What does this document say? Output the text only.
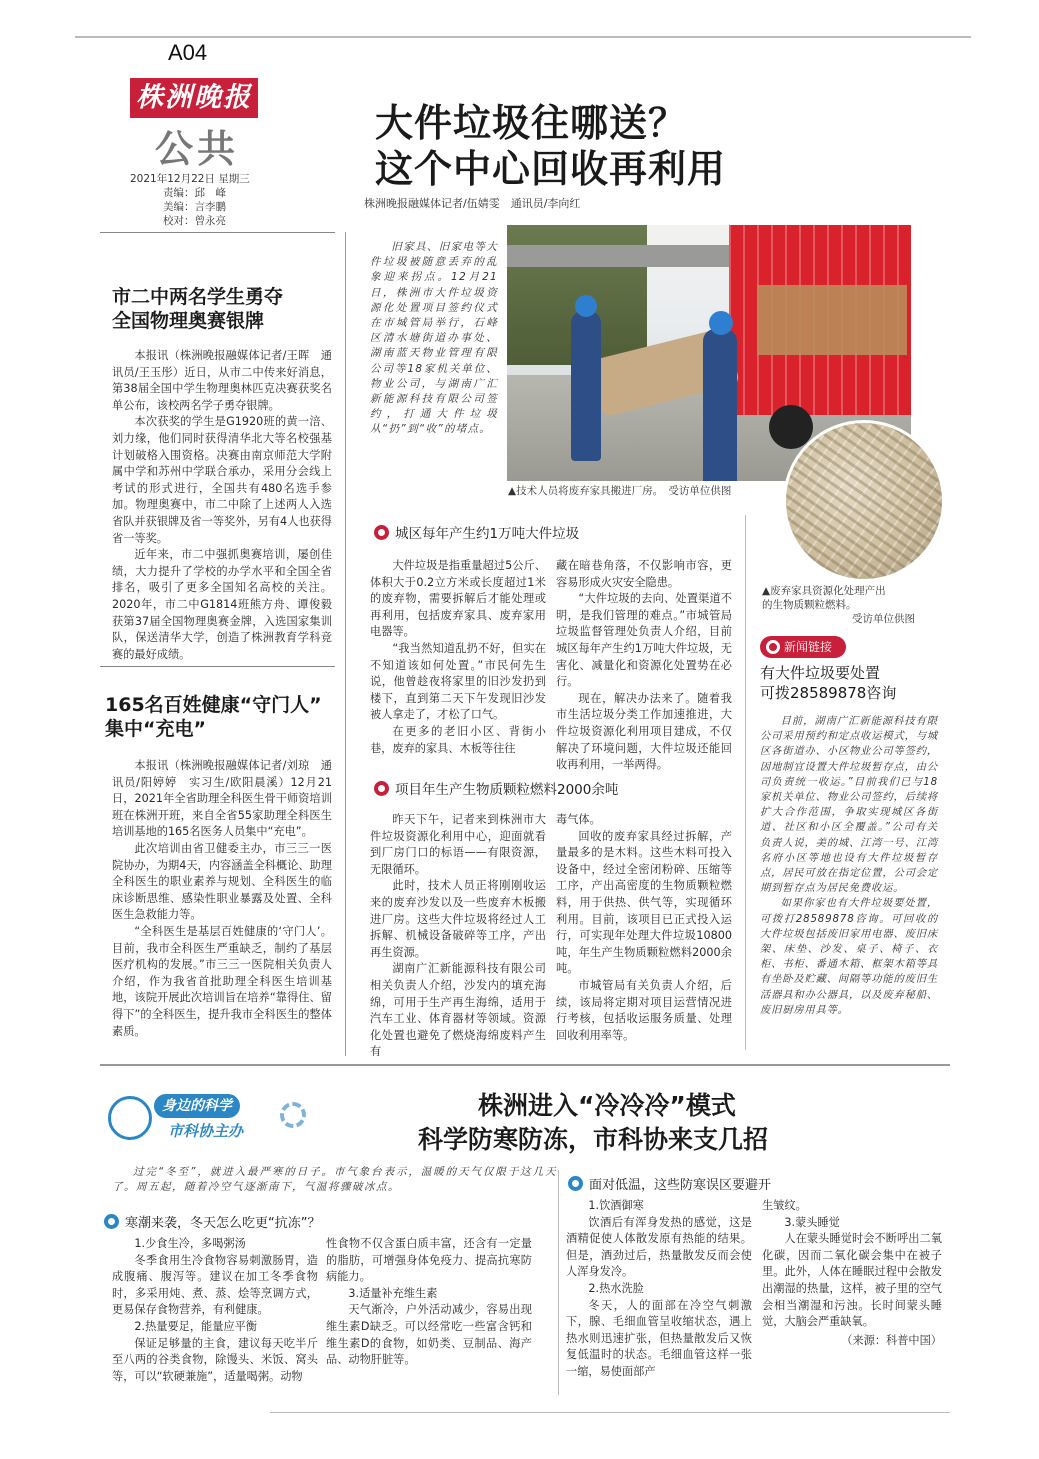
A04
株洲晚报
公共
2021年12月22日 星期三
责编：邱　峰
美编：言李鹏
校对：曾永亮
大件垃圾往哪送？
这个中心回收再利用
株洲晚报融媒体记者/伍婧雯　通讯员/李向红
市二中两名学生勇夺
全国物理奥赛银牌

本报讯（株洲晚报融媒体记者/王晖　通讯员/王玉彤）近日，从市二中传来好消息，第38届全国中学生物理奥林匹克决赛获奖名单公布，该校两名学子勇夺银牌。

本次获奖的学生是G1920班的黄一涪、刘力缘，他们同时获得清华北大等名校强基计划破格入围资格。决赛由南京师范大学附属中学和苏州中学联合承办，采用分会线上考试的形式进行，全国共有480名选手参加。物理奥赛中，市二中除了上述两人入选省队并获银牌及省一等奖外，另有4人也获得省一等奖。

近年来，市二中强抓奥赛培训，屡创佳绩，大力提升了学校的办学水平和全国全省排名，吸引了更多全国知名高校的关注。2020年，市二中G1814班熊方舟、谭俊毅获第37届全国物理奥赛金牌，入选国家集训队，保送清华大学，创造了株洲教育学科竞赛的最好成绩。

165名百姓健康“守门人”
集中“充电”

本报讯（株洲晚报融媒体记者/刘琼　通讯员/阳婷婷　实习生/欧阳晨溪）12月21日，2021年全省助理全科医生骨干师资培训班在株洲开班，来自全省55家助理全科医生培训基地的165名医务人员集中“充电”。

此次培训由省卫健委主办，市三三一医院协办，为期4天，内容涵盖全科概论、助理全科医生的职业素养与规划、全科医生的临床诊断思维、感染性职业暴露及处置、全科医生急救能力等。

“全科医生是基层百姓健康的‘守门人’。目前，我市全科医生严重缺乏，制约了基层医疗机构的发展。”市三三一医院相关负责人介绍，作为我省首批助理全科医生培训基地，该院开展此次培训旨在培养“靠得住、留得下”的全科医生，提升我市全科医生的整体素质。

旧家具、旧家电等大件垃圾被随意丢弃的乱象迎来拐点。12月21日，株洲市大件垃圾资源化处置项目签约仪式在市城管局举行，石峰区清水塘街道办事处、湖南蓝天物业管理有限公司等18家机关单位、物业公司，与湖南广汇新能源科技有限公司签约，打通大件垃圾从“扔”到“收”的堵点。

▲技术人员将废弃家具搬进厂房。　受访单位供图
▲废弃家具资源化处理产出
的生物质颗粒燃料。
受访单位供图
城区每年产生约1万吨大件垃圾

大件垃圾是指重量超过5公斤、体积大于0.2立方米或长度超过1米的废弃物，需要拆解后才能处理或再利用，包括废弃家具、废弃家用电器等。

“我当然知道乱扔不好，但实在不知道该如何处置。”市民何先生说，他曾趁夜将家里的旧沙发扔到楼下，直到第二天下午发现旧沙发被人拿走了，才松了口气。

在更多的老旧小区、背街小巷，废弃的家具、木板等往往

藏在暗巷角落，不仅影响市容，更容易形成火灾安全隐患。

“大件垃圾的去向、处置渠道不明，是我们管理的难点。”市城管局垃圾监督管理处负责人介绍，目前城区每年产生约1万吨大件垃圾，无害化、减量化和资源化处置势在必行。

现在，解决办法来了。随着我市生活垃圾分类工作加速推进，大件垃圾资源化利用项目建成，不仅解决了环境问题，大件垃圾还能回收再利用，一举两得。

项目年生产生物质颗粒燃料2000余吨

昨天下午，记者来到株洲市大件垃圾资源化利用中心，迎面就看到厂房门口的标语——有限资源，无限循环。

此时，技术人员正将刚刚收运来的废弃沙发以及一些废弃木板搬进厂房。这些大件垃圾将经过人工拆解、机械设备破碎等工序，产出再生资源。

湖南广汇新能源科技有限公司相关负责人介绍，沙发内的填充海绵，可用于生产再生海绵，适用于汽车工业、体育器材等领域。资源化处置也避免了燃烧海绵废料产生有

毒气体。

回收的废弃家具经过拆解，产量最多的是木料。这些木料可投入设备中，经过全密闭粉碎、压缩等工序，产出高密度的生物质颗粒燃料，用于供热、供气等，实现循环利用。目前，该项目已正式投入运行，可实现年处理大件垃圾10800吨，年生产生物质颗粒燃料2000余吨。

市城管局有关负责人介绍，后续，该局将定期对项目运营情况进行考核，包括收运服务质量、处理回收利用率等。

新闻链接
有大件垃圾要处置
可拨28589878咨询

目前，湖南广汇新能源科技有限公司采用预约和定点收运模式，与城区各街道办、小区物业公司等签约，因地制宜设置大件垃圾暂存点，由公司负责统一收运。”目前我们已与18家机关单位、物业公司签约，后续将扩大合作范围，争取实现城区各街道、社区和小区全覆盖。”公司有关负责人说，美的城、江湾一号、江湾名府小区等地也设有大件垃圾暂存点，居民可放在指定位置，公司会定期到暂存点为居民免费收运。

如果你家也有大件垃圾要处置，可拨打28589878咨询。可回收的大件垃圾包括废旧家用电器、废旧床架、床垫、沙发、桌子、椅子、衣柜、书柜、番通木箱、框架木箱等具有坐卧及贮藏、间隔等功能的废旧生活器具和办公器具，以及废弃秘船、废旧厨房用具等。

身边的科学
市科协主办
株洲进入“冷冷冷”模式
科学防寒防冻，市科协来支几招

过完“冬至”，就进入最严寒的日子。市气象台表示，温暖的天气仅限于这几天了。周五起，随着冷空气逐渐南下，气温将骤破冰点。

寒潮来袭，冬天怎么吃更“抗冻”？

1.少食生冷，多喝粥汤

冬季食用生冷食物容易刺激肠胃，造成腹痛、腹泻等。建议在加工冬季食物时，多采用炖、煮、蒸、烩等烹调方式，更易保存食物营养，有利健康。

2.热量要足，能量应平衡

保证足够量的主食，建议每天吃半斤至八两的谷类食物，除馒头、米饭、窝头等，可以“软硬兼施”，适量喝粥。动物

性食物不仅含蛋白质丰富，还含有一定量的脂肪，可增强身体免疫力、提高抗寒防病能力。

3.适量补充维生素

天气渐冷，户外活动减少，容易出现维生素D缺乏。可以经常吃一些富含钙和维生素D的食物，如奶类、豆制品、海产品、动物肝脏等。

面对低温，这些防寒误区要避开

1.饮酒御寒

饮酒后有浑身发热的感觉，这是酒精促使人体散发原有热能的结果。但是，酒劲过后，热量散发反而会使人浑身发冷。

2.热水洗脸

冬天，人的面部在冷空气刺激下，腺、毛细血管呈收缩状态，遇上热水则迅速扩张，但热量散发后又恢复低温时的状态。毛细血管这样一张一缩，易使面部产

生皱纹。

3.蒙头睡觉

人在蒙头睡觉时会不断呼出二氧化碳，因而二氧化碳会集中在被子里。此外，人体在睡眠过程中会散发出潮湿的热量，这样，被子里的空气会相当潮湿和污浊。长时间蒙头睡觉，大脑会严重缺氧。

（来源：科普中国）
